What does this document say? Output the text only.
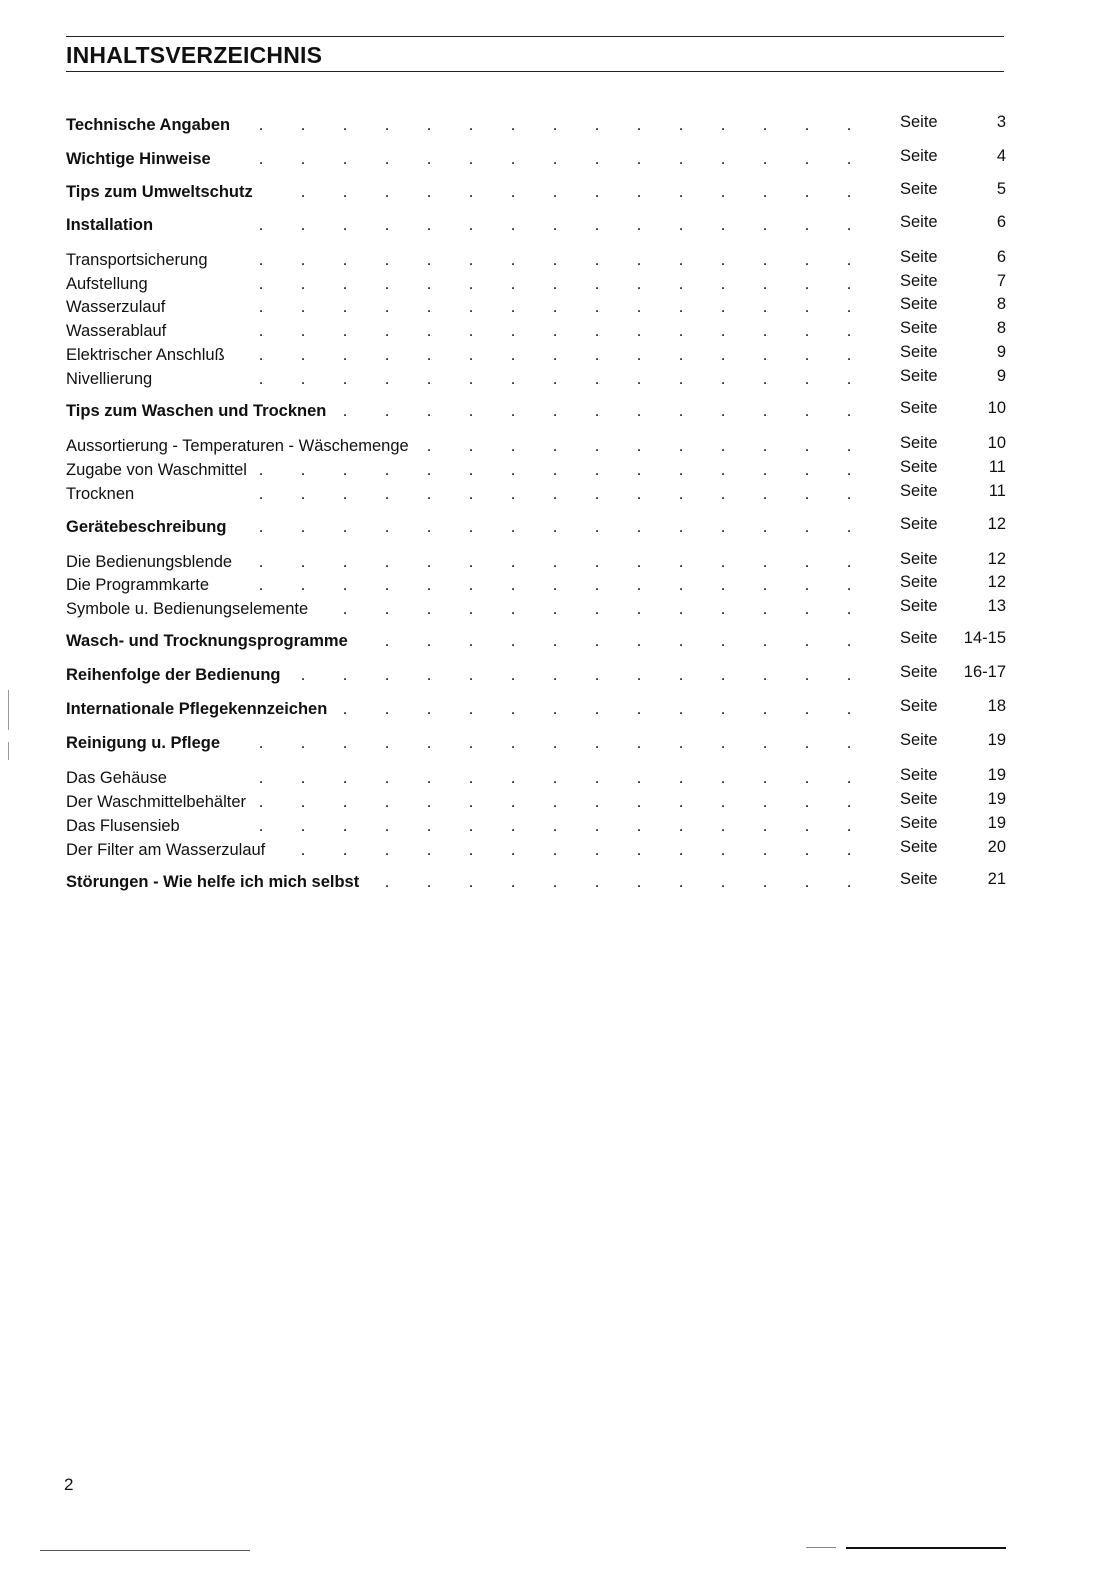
INHALTSVERZEICHNIS
. . . . . . . . . . . . . . .
Technische Angaben	Seite	3
. . . . . . . . . . . . . . .
Wichtige Hinweise	Seite	4
. . . . . . . . . . . . . .
Tips zum Umweltschutz	Seite	5
. . . . . . . . . . . . . . .
Installation	Seite	6
. . . . . . . . . . . . . . .
Transportsicherung	Seite	6
. . . . . . . . . . . . . . .
Aufstellung	Seite	7
. . . . . . . . . . . . . . .
Wasserzulauf	Seite	8
. . . . . . . . . . . . . . .
Wasserablauf	Seite	8
. . . . . . . . . . . . . . .
Elektrischer Anschluß	Seite	9
. . . . . . . . . . . . . . .
Nivellierung	Seite	9
. . . . . . . . . . . . .
Tips zum Waschen und Trocknen	Seite	10
. . . . . . . . . . .
Aussortierung - Temperaturen - Wäschemenge	Seite	10
. . . . . . . . . . . . . . .
Zugabe von Waschmittel	Seite	11
. . . . . . . . . . . . . . .
Trocknen	Seite	11
. . . . . . . . . . . . . . .
Gerätebeschreibung	Seite	12
. . . . . . . . . . . . . . .
Die Bedienungsblende	Seite	12
. . . . . . . . . . . . . . .
Die Programmkarte	Seite	12
. . . . . . . . . . . . .
Symbole u. Bedienungselemente	Seite	13
. . . . . . . . . . . .
Wasch- und Trocknungsprogramme	Seite 14-15
. . . . . . . . . . . . . .
Reihenfolge der Bedienung	Seite 16-17
. . . . . . . . . . . . .
Internationale Pflegekennzeichen	Seite	18
. . . . . . . . . . . . . . .
Reinigung u. Pflege	Seite	19
. . . . . . . . . . . . . . .
Das Gehäuse	Seite	19
. . . . . . . . . . . . . . .
Der Waschmittelbehälter	Seite	19
. . . . . . . . . . . . . . .
Das Flusensieb	Seite	19
. . . . . . . . . . . . . .
Der Filter am Wasserzulauf	Seite	20
. . . . . . . . . . . .
Störungen - Wie helfe ich mich selbst	Seite	21
2
